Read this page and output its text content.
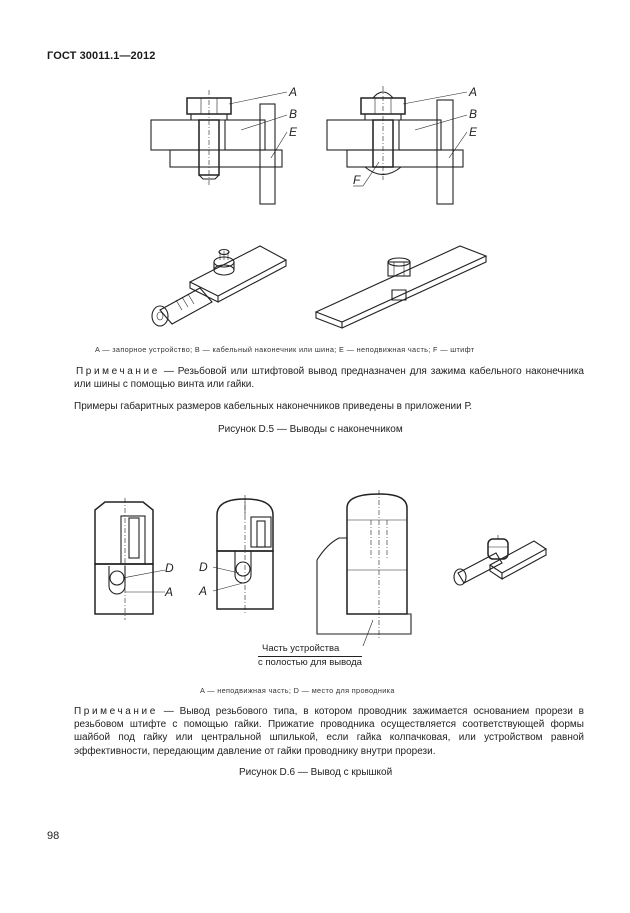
ГОСТ 30011.1—2012
A
B
E
A
B
E
F
A — запорное устройство; B — кабельный наконечник или шина; E — неподвижная часть; F — штифт
Примечание — Резьбовой или штифтовой вывод предназначен для зажима кабельного наконечника или шины с помощью винта или гайки.
Примеры габаритных размеров кабельных наконечников приведены в приложении Р.
Рисунок D.5 — Выводы с наконечником
D
A
D
A
Часть устройства
с полостью для вывода
A — неподвижная часть; D — место для проводника
Примечание — Вывод резьбового типа, в котором проводник зажимается основанием прорези в резьбовом штифте с помощью гайки. Прижатие проводника осуществляется соответствующей формы шайбой под гайку или центральной шпилькой, если гайка колпачковая, или устройством равной эффективности, передающим давление от гайки проводнику внутри прорези.
Рисунок D.6 — Вывод с крышкой
98
